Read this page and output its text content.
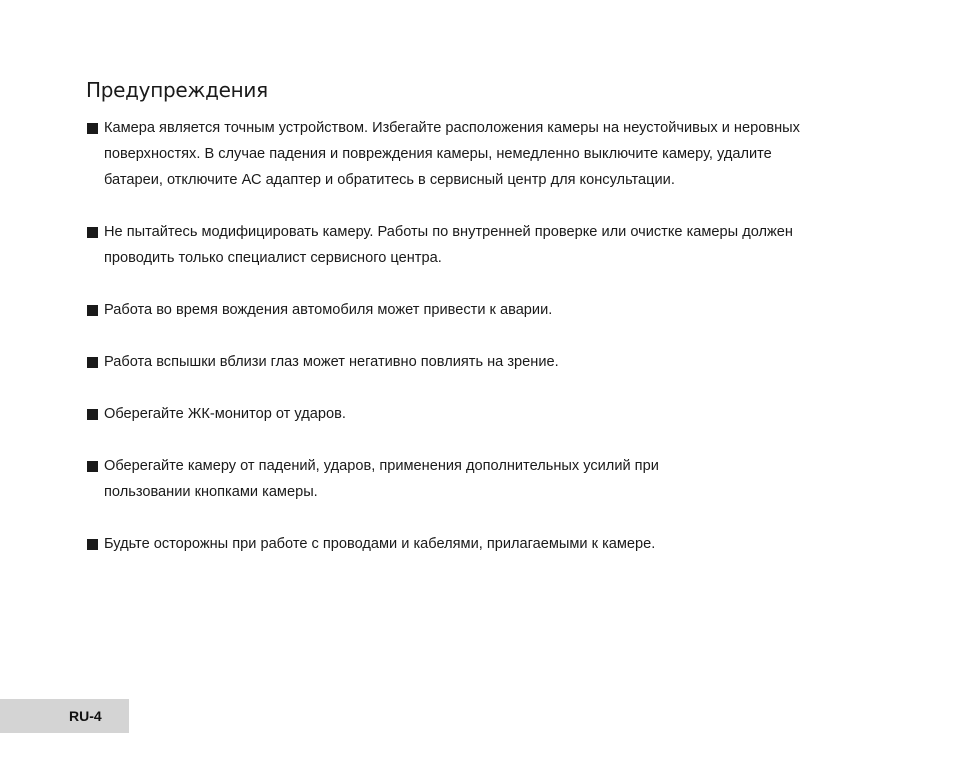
Предупреждения
Камера является точным устройством. Избегайте расположения камеры на неустойчивых и неровных поверхностях. В случае падения и повреждения камеры, немедленно выключите камеру, удалите батареи, отключите АС адаптер и обратитесь в сервисный центр для консультации.
Не пытайтесь модифицировать камеру. Работы по внутренней проверке или очистке камеры должен проводить только специалист сервисного центра.
Работа во время вождения автомобиля может привести к аварии.
Работа вспышки вблизи глаз может негативно повлиять на зрение.
Оберегайте ЖК-монитор от ударов.
Оберегайте камеру от падений, ударов, применения дополнительных усилий при пользовании кнопками камеры.
Будьте осторожны при работе с проводами и кабелями, прилагаемыми к камере.
RU-4
